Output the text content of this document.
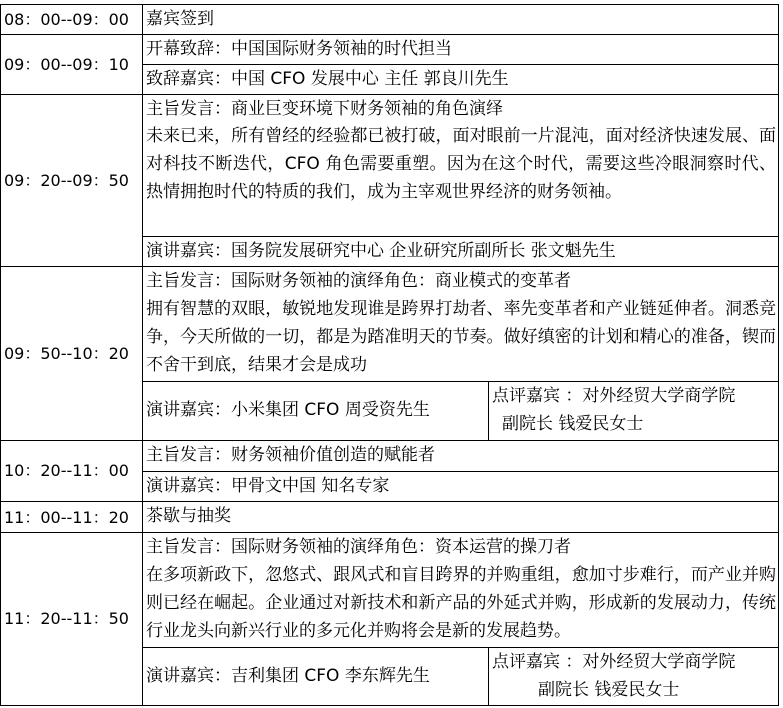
08：00--09：00 嘉宾签到
09：00--09：10
开幕致辞：中国国际财务领袖的时代担当
致辞嘉宾：中国 CFO 发展中心 主任 郭良川先生
09：20--09：50
主旨发言：商业巨变环境下财务领袖的角色演绎
未来已来，所有曾经的经验都已被打破，面对眼前一片混沌，面对经济快速发展、面对科技不断迭代，CFO 角色需要重塑。因为在这个时代，需要这些冷眼洞察时代、热情拥抱时代的特质的我们，成为主宰观世界经济的财务领袖。
演讲嘉宾：国务院发展研究中心 企业研究所副所长 张文魁先生
09：50--10：20
主旨发言：国际财务领袖的演绎角色：商业模式的变革者
拥有智慧的双眼，敏锐地发现谁是跨界打劫者、率先变革者和产业链延伸者。洞悉竞争，今天所做的一切，都是为踏准明天的节奏。做好缜密的计划和精心的准备，锲而不舍干到底，结果才会是成功
演讲嘉宾：小米集团 CFO 周受资先生
点评嘉宾 ：对外经贸大学商学院
副院长 钱爱民女士
10：20--11：00
主旨发言：财务领袖价值创造的赋能者
演讲嘉宾：甲骨文中国 知名专家
11：00--11：20 茶歇与抽奖
11：20--11：50
主旨发言：国际财务领袖的演绎角色：资本运营的操刀者
在多项新政下，忽悠式、跟风式和盲目跨界的并购重组，愈加寸步难行，而产业并购则已经在崛起。企业通过对新技术和新产品的外延式并购，形成新的发展动力，传统行业龙头向新兴行业的多元化并购将会是新的发展趋势。
演讲嘉宾：吉利集团 CFO 李东辉先生
点评嘉宾 ：对外经贸大学商学院
副院长 钱爱民女士
